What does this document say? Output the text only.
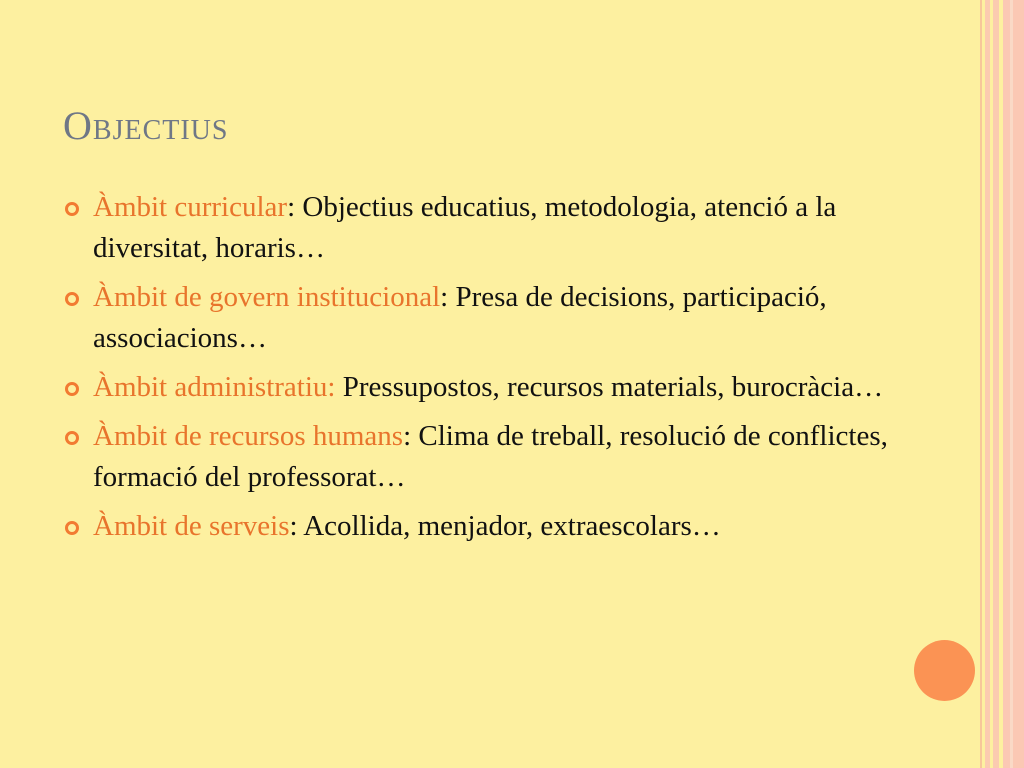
Objectius
Àmbit curricular: Objectius educatius, metodologia, atenció a la diversitat, horaris…
Àmbit de govern institucional: Presa de decisions, participació, associacions…
Àmbit administratiu: Pressupostos, recursos materials, burocràcia…
Àmbit de recursos humans: Clima de treball, resolució de conflictes, formació del professorat…
Àmbit de serveis: Acollida, menjador, extraescolars…
